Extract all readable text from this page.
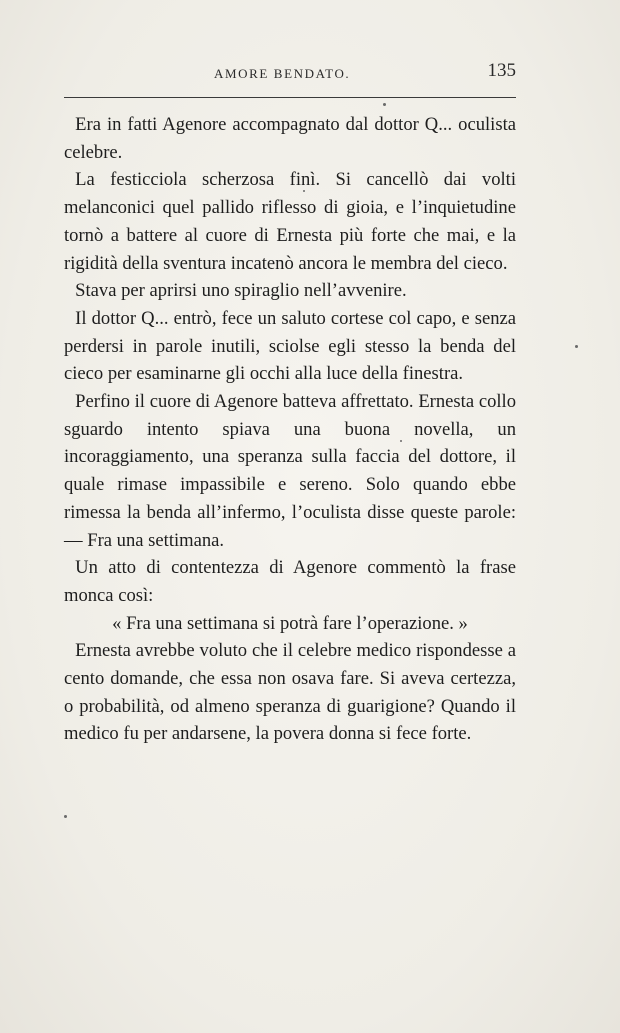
AMORE BENDATO.	135

Era in fatti Agenore accompagnato dal dottor Q... oculista celebre.

La festicciola scherzosa finì. Si cancellò dai volti melanconici quel pallido riflesso di gioia, e l’inquietudine tornò a battere al cuore di Ernesta più forte che mai, e la rigidità della sventura incatenò ancora le membra del cieco.

Stava per aprirsi uno spiraglio nell’avvenire.

Il dottor Q... entrò, fece un saluto cortese col capo, e senza perdersi in parole inutili, sciolse egli stesso la benda del cieco per esaminarne gli occhi alla luce della finestra.

Perfino il cuore di Agenore batteva affrettato. Ernesta collo sguardo intento spiava una buona novella, un incoraggiamento, una speranza sulla faccia del dottore, il quale rimase impassibile e sereno. Solo quando ebbe rimessa la benda all’infermo, l’oculista disse queste parole: — Fra una settimana.

Un atto di contentezza di Agenore commentò la frase monca così:

« Fra una settimana si potrà fare l’operazione. »

Ernesta avrebbe voluto che il celebre medico rispondesse a cento domande, che essa non osava fare. Si aveva certezza, o probabilità, od almeno speranza di guarigione? Quando il medico fu per andarsene, la povera donna si fece forte.
